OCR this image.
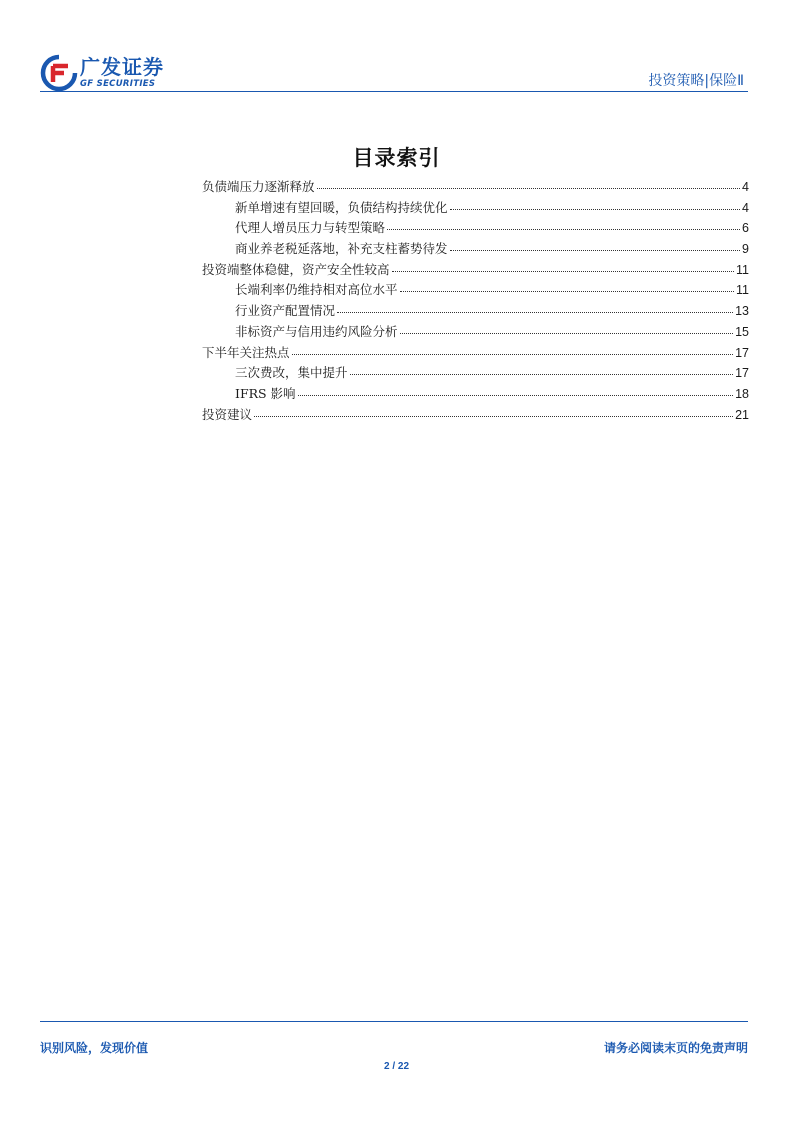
广发证券
GF SECURITIES	投资策略|保险Ⅱ
目录索引
负债端压力逐渐释放	4
新单增速有望回暖，负债结构持续优化	4
代理人增员压力与转型策略	6
商业养老税延落地，补充支柱蓄势待发	9
投资端整体稳健，资产安全性较高	11
长端利率仍维持相对高位水平	11
行业资产配置情况	13
非标资产与信用违约风险分析	15
下半年关注热点	17
三次费改，集中提升	17
IFRS 影响	18
投资建议	21
识别风险，发现价值	请务必阅读末页的免责声明
2 / 22
